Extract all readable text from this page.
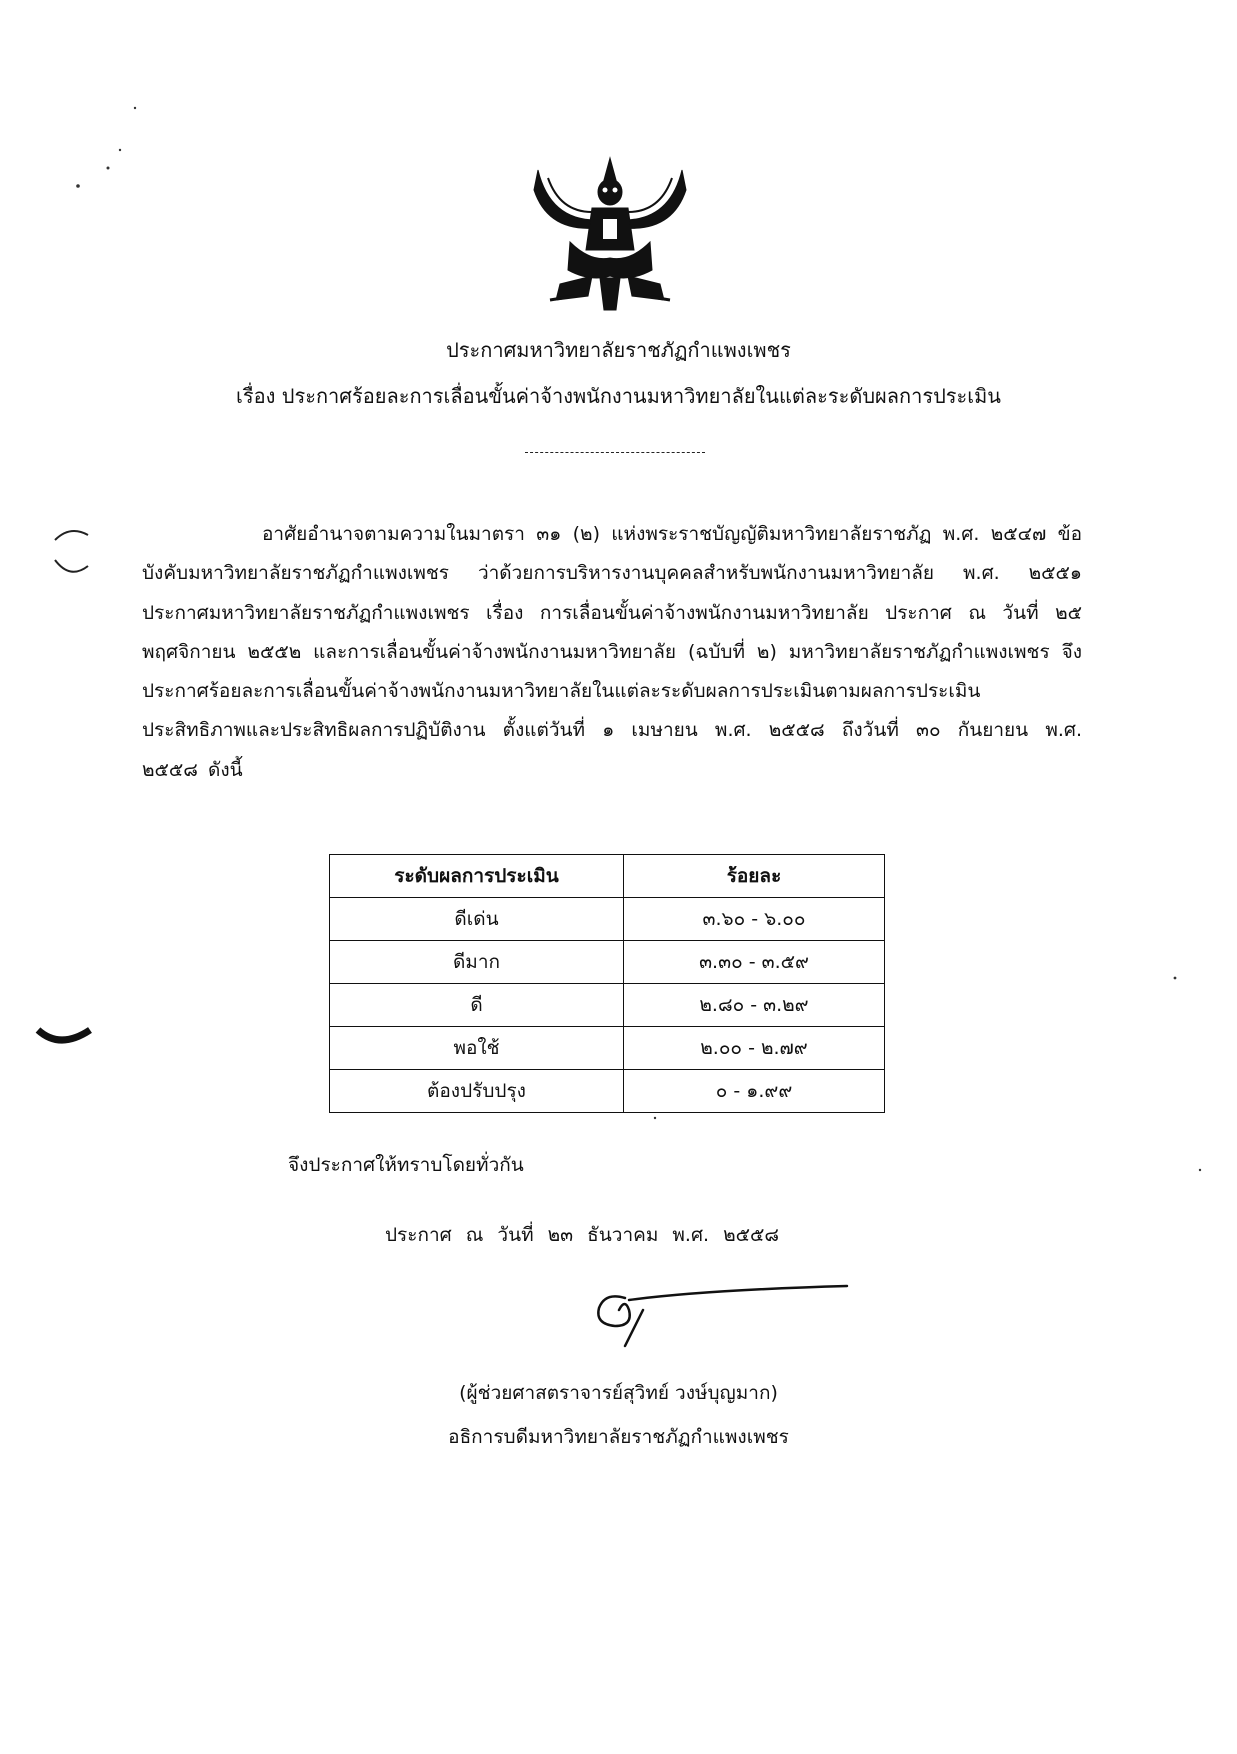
ประกาศมหาวิทยาลัยราชภัฏกำแพงเพชร
เรื่อง ประกาศร้อยละการเลื่อนขั้นค่าจ้างพนักงานมหาวิทยาลัยในแต่ละระดับผลการประเมิน
อาศัยอำนาจตามความในมาตรา ๓๑ (๒) แห่งพระราชบัญญัติมหาวิทยาลัยราชภัฏ พ.ศ. ๒๕๔๗ ข้อบังคับมหาวิทยาลัยราชภัฏกำแพงเพชร ว่าด้วยการบริหารงานบุคคลสำหรับพนักงานมหาวิทยาลัย พ.ศ. ๒๕๕๑ ประกาศมหาวิทยาลัยราชภัฏกำแพงเพชร เรื่อง การเลื่อนขั้นค่าจ้างพนักงานมหาวิทยาลัย ประกาศ ณ วันที่ ๒๕ พฤศจิกายน ๒๕๕๒ และการเลื่อนขั้นค่าจ้างพนักงานมหาวิทยาลัย (ฉบับที่ ๒) มหาวิทยาลัยราชภัฏกำแพงเพชร จึงประกาศร้อยละการเลื่อนขั้นค่าจ้างพนักงานมหาวิทยาลัยในแต่ละระดับผลการประเมินตามผลการประเมินประสิทธิภาพและประสิทธิผลการปฏิบัติงาน ตั้งแต่วันที่ ๑ เมษายน พ.ศ. ๒๕๕๘ ถึงวันที่ ๓๐ กันยายน พ.ศ. ๒๕๕๘ ดังนี้
ระดับผลการประเมิน	ร้อยละ
ดีเด่น	๓.๖๐ - ๖.๐๐
ดีมาก	๓.๓๐ - ๓.๕๙
ดี	๒.๘๐ - ๓.๒๙
พอใช้	๒.๐๐ - ๒.๗๙
ต้องปรับปรุง	๐ - ๑.๙๙
จึงประกาศให้ทราบโดยทั่วกัน
ประกาศ ณ วันที่ ๒๓ ธันวาคม พ.ศ. ๒๕๕๘
(ผู้ช่วยศาสตราจารย์สุวิทย์ วงษ์บุญมาก)
อธิการบดีมหาวิทยาลัยราชภัฏกำแพงเพชร
